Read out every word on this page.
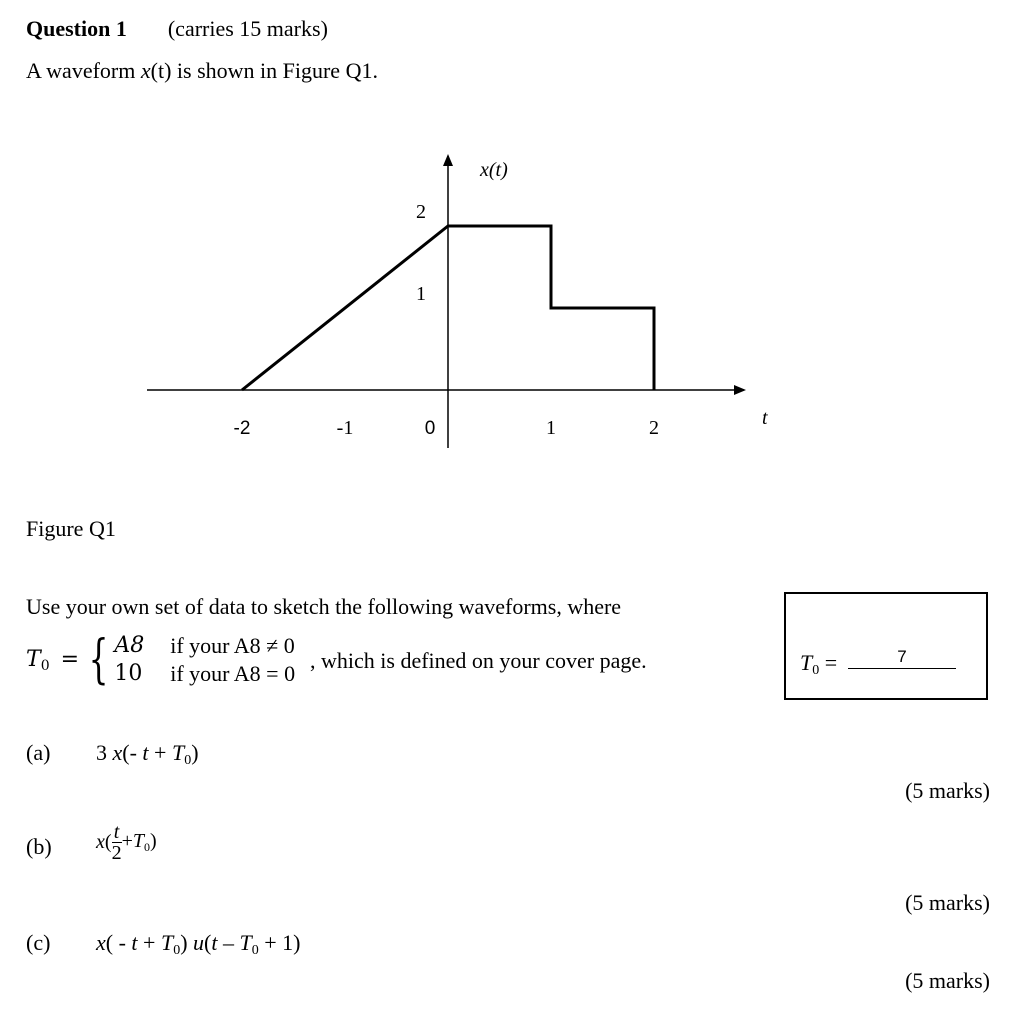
Question 1 (carries 15 marks)
A waveform x(t) is shown in Figure Q1.
-2	-1	0	1	2
1
2
x(t)
t
Figure Q1
Use your own set of data to sketch the following waveforms, where
$T_0$ = { A8	if your A8 ≠ 0
10	if your A8 = 0
, which is defined on your cover page.	$T_0$ =	7
(a) 3 x(- $t + T_0$)
(5 marks)
(b) $x( \frac{t}{2} +T_0)$
(5 marks)
(c) $x( - t + T_0)$ $u(t - T_0 + 1)$
(5 marks)
